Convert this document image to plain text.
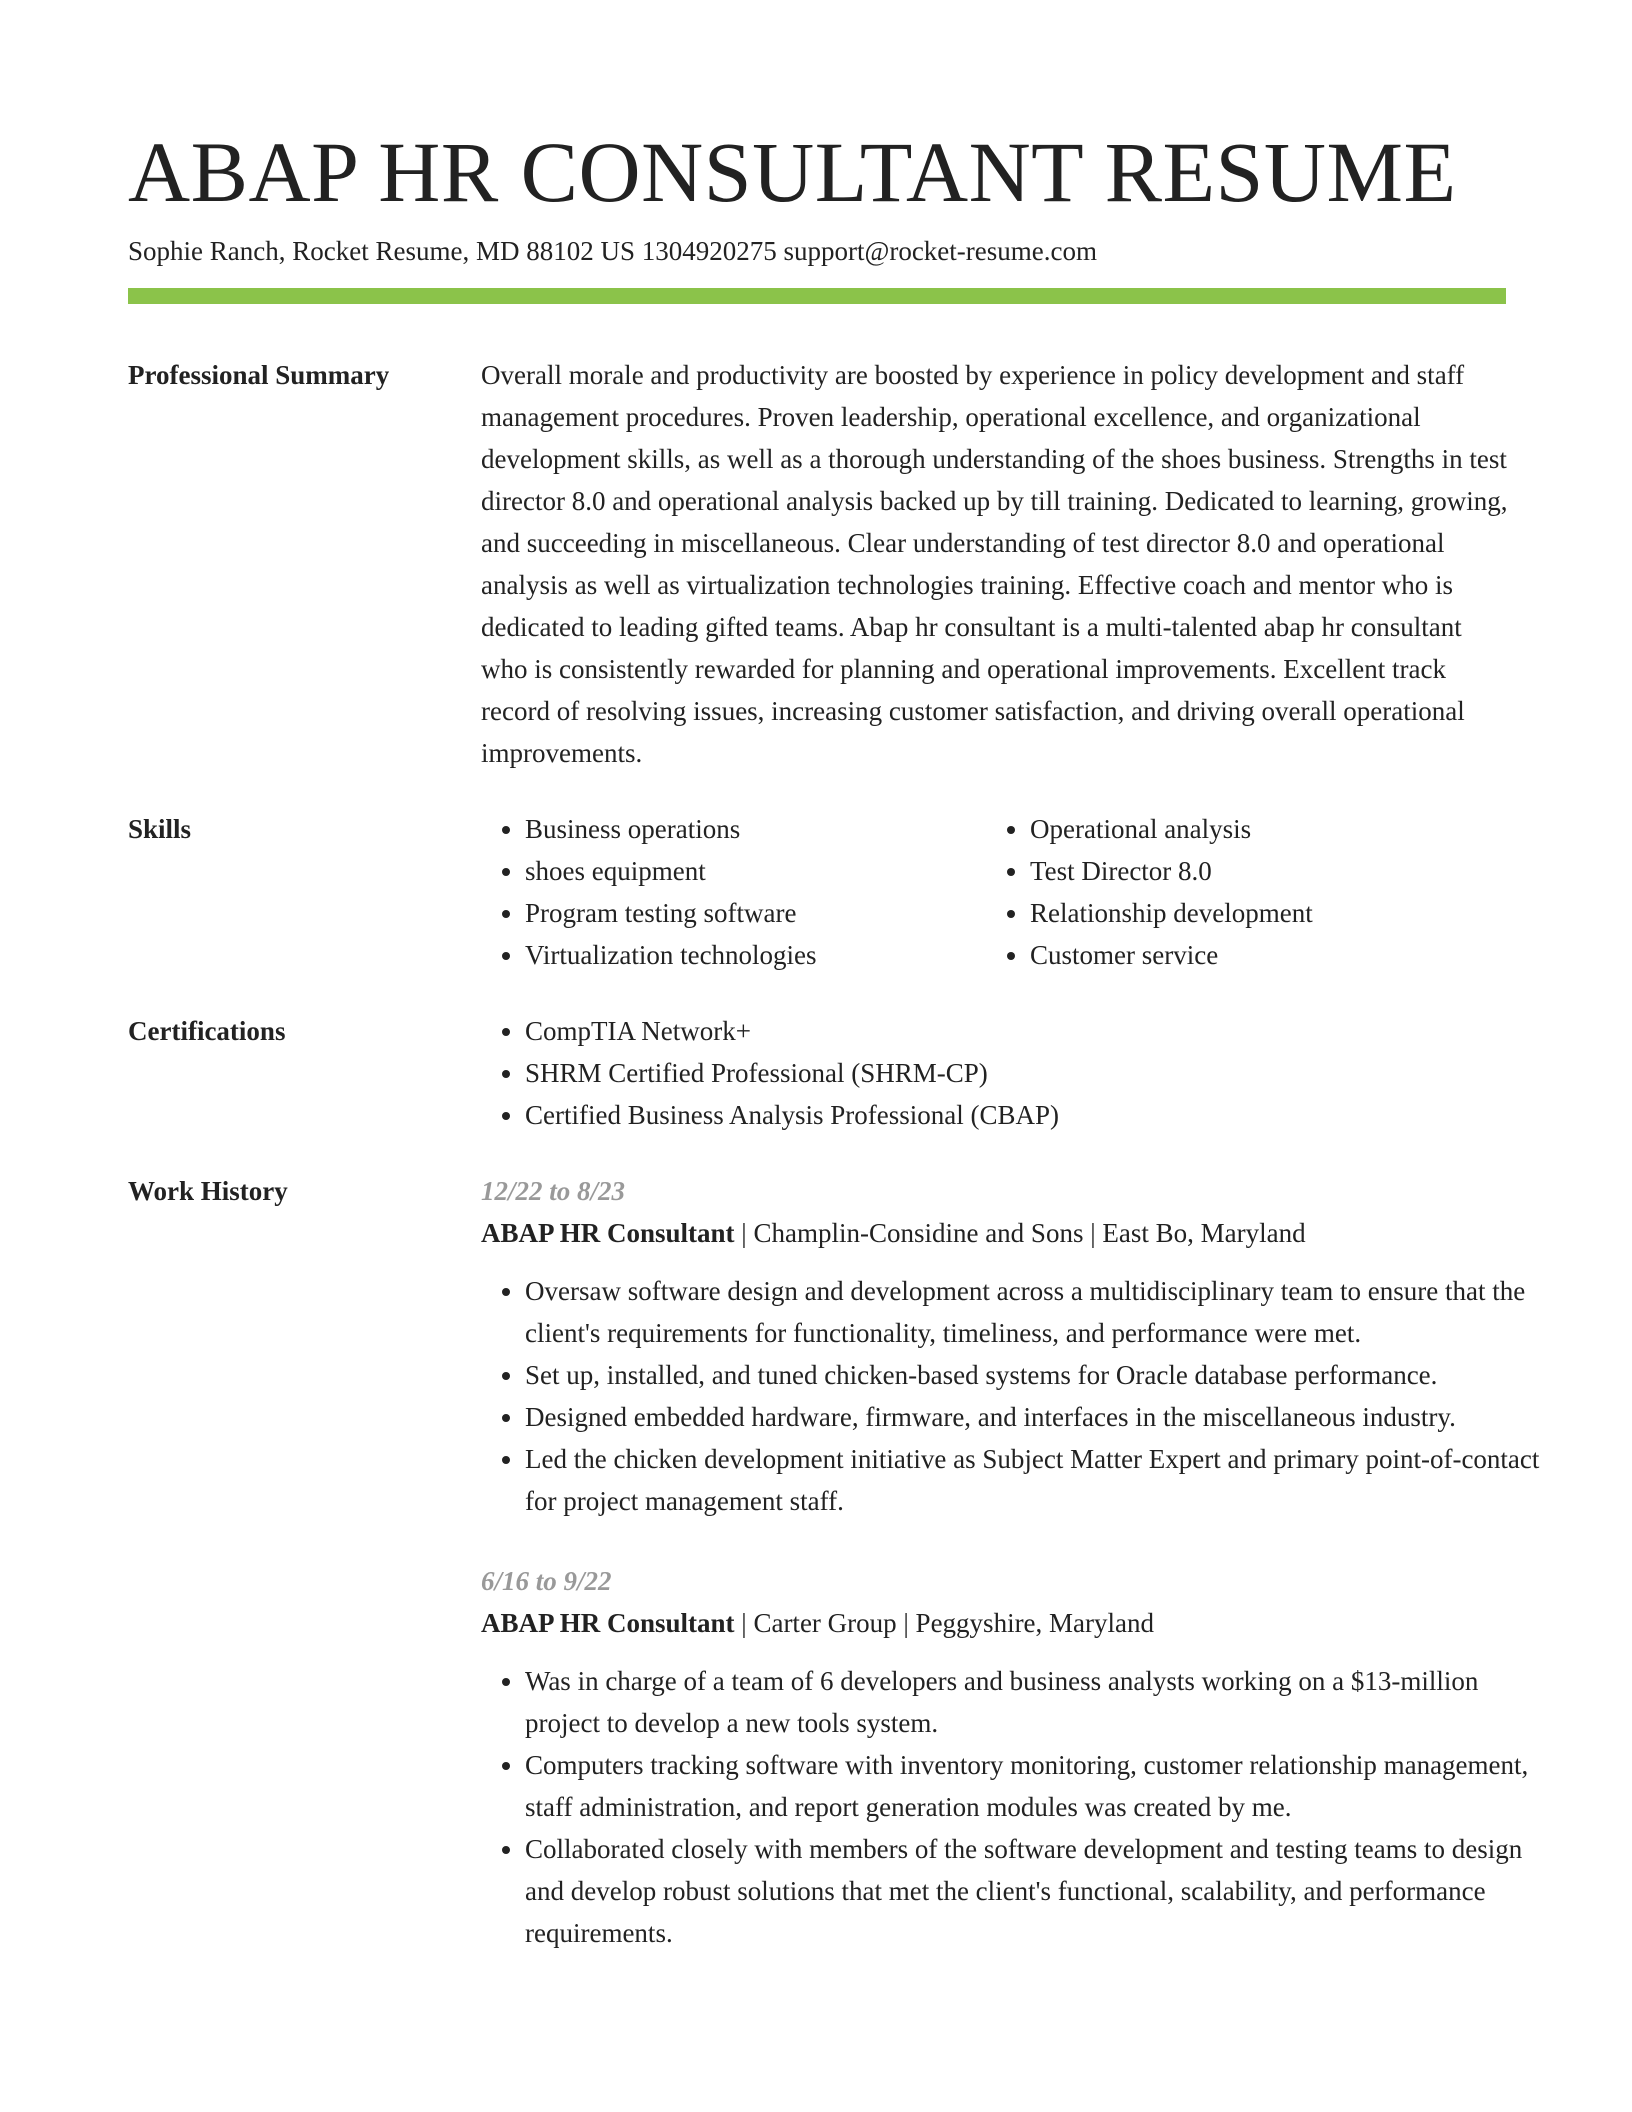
ABAP HR CONSULTANT RESUME
Sophie Ranch, Rocket Resume, MD 88102 US 1304920275 support@rocket-resume.com
Professional Summary	Overall morale and productivity are boosted by experience in policy development and staff management procedures. Proven leadership, operational excellence, and organizational development skills, as well as a thorough understanding of the shoes business. Strengths in test director 8.0 and operational analysis backed up by till training. Dedicated to learning, growing, and succeeding in miscellaneous. Clear understanding of test director 8.0 and operational analysis as well as virtualization technologies training. Effective coach and mentor who is dedicated to leading gifted teams. Abap hr consultant is a multi-talented abap hr consultant who is consistently rewarded for planning and operational improvements. Excellent track record of resolving issues, increasing customer satisfaction, and driving overall operational improvements.

Skills	• Business operations
• shoes equipment
• Program testing software
• Virtualization technologies
• Operational analysis
• Test Director 8.0
• Relationship development
• Customer service
Certifications	• CompTIA Network+
• SHRM Certified Professional (SHRM-CP)
• Certified Business Analysis Professional (CBAP)
Work History	12/22 to 8/23
ABAP HR Consultant | Champlin-Considine and Sons | East Bo, Maryland
• Oversaw software design and development across a multidisciplinary team to ensure that the client's requirements for functionality, timeliness, and performance were met.
• Set up, installed, and tuned chicken-based systems for Oracle database performance.
• Designed embedded hardware, firmware, and interfaces in the miscellaneous industry.
• Led the chicken development initiative as Subject Matter Expert and primary point-of-contact for project management staff.
6/16 to 9/22
ABAP HR Consultant | Carter Group | Peggyshire, Maryland
• Was in charge of a team of 6 developers and business analysts working on a $13-million project to develop a new tools system.
• Computers tracking software with inventory monitoring, customer relationship management, staff administration, and report generation modules was created by me.
• Collaborated closely with members of the software development and testing teams to design and develop robust solutions that met the client's functional, scalability, and performance requirements.
